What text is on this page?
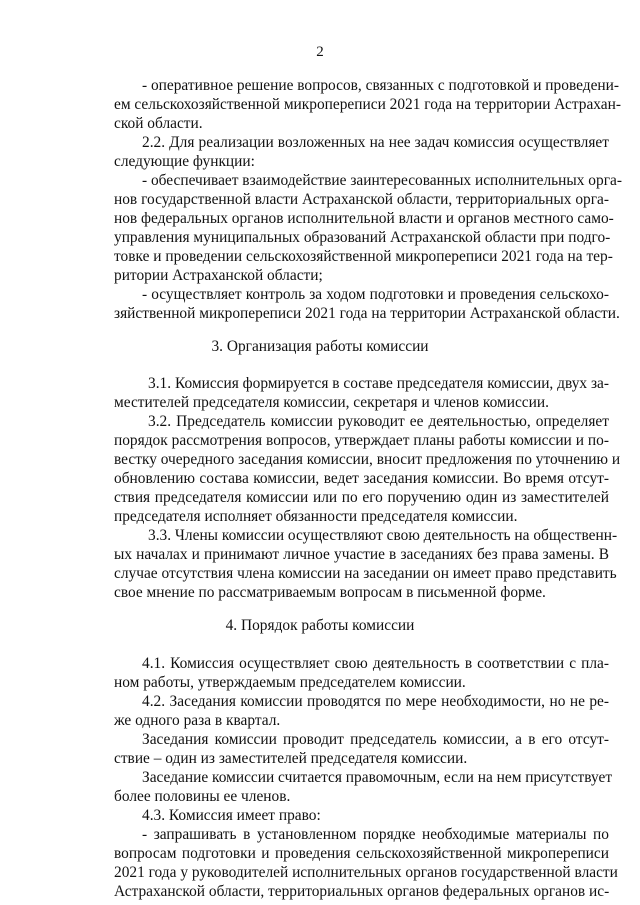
2
- оперативное решение вопросов, связанных с подготовкой и проведени-
ем сельскохозяйственной микропереписи 2021 года на территории Астрахан-
ской области.
2.2. Для реализации возложенных на нее задач комиссия осуществляет
следующие функции:
- обеспечивает взаимодействие заинтересованных исполнительных орга-
нов государственной власти Астраханской области, территориальных орга-
нов федеральных органов исполнительной власти и органов местного само-
управления муниципальных образований Астраханской области при подго-
товке и проведении сельскохозяйственной микропереписи 2021 года на тер-
ритории Астраханской области;
- осуществляет контроль за ходом подготовки и проведения сельскохо-
зяйственной микропереписи 2021 года на территории Астраханской области.
3. Организация работы комиссии
3.1. Комиссия формируется в составе председателя комиссии, двух за-
местителей председателя комиссии, секретаря и членов комиссии.
3.2. Председатель комиссии руководит ее деятельностью, определяет
порядок рассмотрения вопросов, утверждает планы работы комиссии и по-
вестку очередного заседания комиссии, вносит предложения по уточнению и
обновлению состава комиссии, ведет заседания комиссии. Во время отсут-
ствия председателя комиссии или по его поручению один из заместителей
председателя исполняет обязанности председателя комиссии.
3.3. Члены комиссии осуществляют свою деятельность на общественн-
ых началах и принимают личное участие в заседаниях без права замены. В
случае отсутствия члена комиссии на заседании он имеет право представить
свое мнение по рассматриваемым вопросам в письменной форме.
4. Порядок работы комиссии
4.1. Комиссия осуществляет свою деятельность в соответствии с пла-
ном работы, утверждаемым председателем комиссии.
4.2. Заседания комиссии проводятся по мере необходимости, но не ре-
же одного раза в квартал.
Заседания комиссии проводит председатель комиссии, а в его отсут-
ствие – один из заместителей председателя комиссии.
Заседание комиссии считается правомочным, если на нем присутствует
более половины ее членов.
4.3. Комиссия имеет право:
- запрашивать в установленном порядке необходимые материалы по
вопросам подготовки и проведения сельскохозяйственной микропереписи
2021 года у руководителей исполнительных органов государственной власти
Астраханской области, территориальных органов федеральных органов ис-
